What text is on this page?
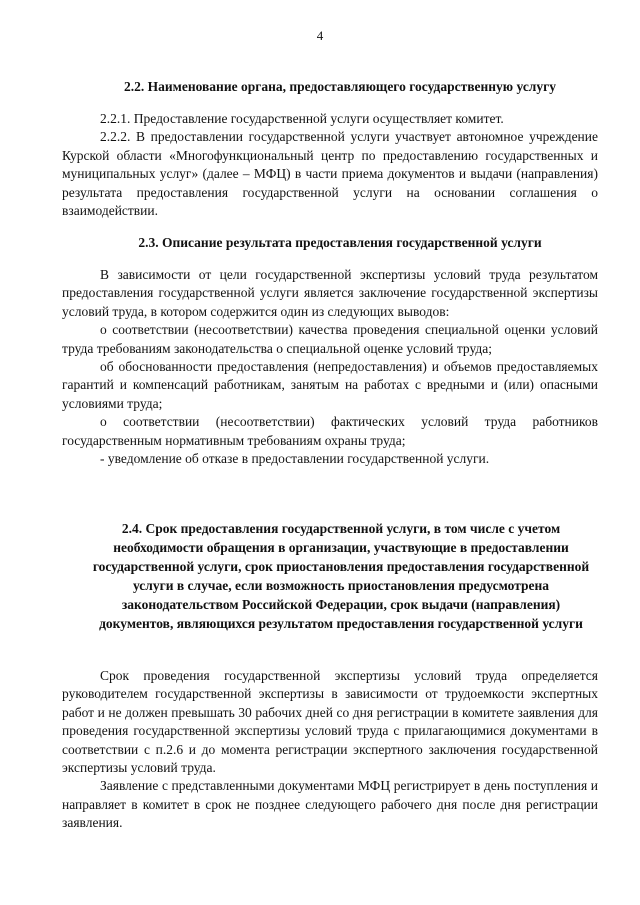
4
2.2. Наименование органа, предоставляющего государственную услугу

2.2.1. Предоставление государственной услуги осуществляет комитет.

2.2.2. В предоставлении государственной услуги участвует автономное учреждение Курской области «Многофункциональный центр по предоставлению государственных и муниципальных услуг» (далее – МФЦ) в части приема документов и выдачи (направления) результата предоставления государственной услуги на основании соглашения о взаимодействии.

2.3. Описание результата предоставления государственной услуги

В зависимости от цели государственной экспертизы условий труда результатом предоставления государственной услуги является заключение государственной экспертизы условий труда, в котором содержится один из следующих выводов:

о соответствии (несоответствии) качества проведения специальной оценки условий труда требованиям законодательства о специальной оценке условий труда;

об обоснованности предоставления (непредоставления) и объемов предоставляемых гарантий и компенсаций работникам, занятым на работах с вредными и (или) опасными условиями труда;

о соответствии (несоответствии) фактических условий труда работников государственным нормативным требованиям охраны труда;

- уведомление об отказе в предоставлении государственной услуги.

2.4. Срок предоставления государственной услуги, в том числе с учетом необходимости обращения в организации, участвующие в предоставлении государственной услуги, срок приостановления предоставления государственной услуги в случае, если возможность приостановления предусмотрена законодательством Российской Федерации, срок выдачи (направления) документов, являющихся результатом предоставления государственной услуги

Срок проведения государственной экспертизы условий труда определяется руководителем государственной экспертизы в зависимости от трудоемкости экспертных работ и не должен превышать 30 рабочих дней со дня регистрации в комитете заявления для проведения государственной экспертизы условий труда с прилагающимися документами в соответствии с п.2.6 и до момента регистрации экспертного заключения государственной экспертизы условий труда.

Заявление с представленными документами МФЦ регистрирует в день поступления и направляет в комитет в срок не позднее следующего рабочего дня после дня регистрации заявления.
